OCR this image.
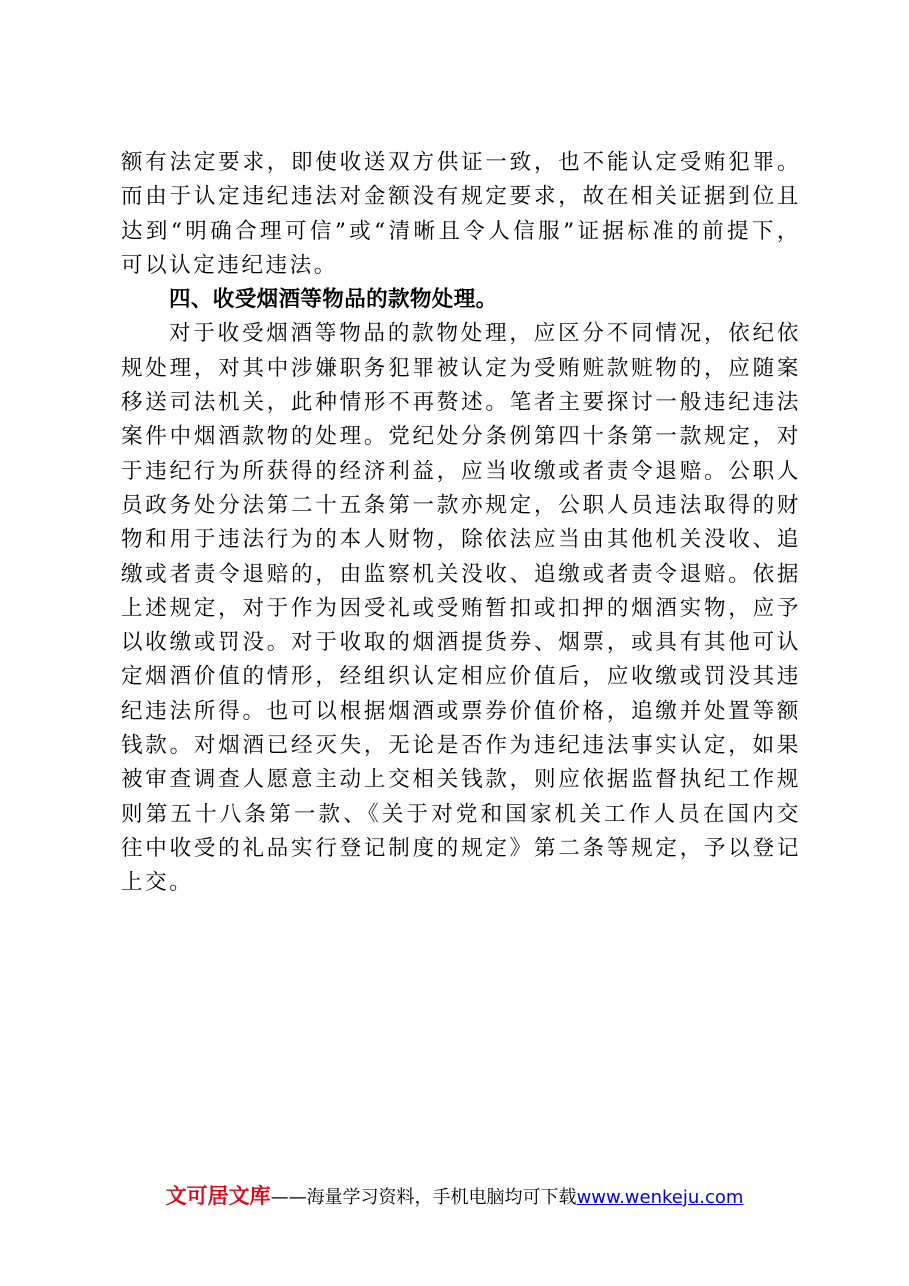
额有法定要求，即使收送双方供证一致，也不能认定受贿犯罪。而由于认定违纪违法对金额没有规定要求，故在相关证据到位且达到“明确合理可信”或“清晰且令人信服”证据标准的前提下，可以认定违纪违法。

四、收受烟酒等物品的款物处理。

对于收受烟酒等物品的款物处理，应区分不同情况，依纪依规处理，对其中涉嫌职务犯罪被认定为受贿赃款赃物的，应随案移送司法机关，此种情形不再赘述。笔者主要探讨一般违纪违法案件中烟酒款物的处理。党纪处分条例第四十条第一款规定，对于违纪行为所获得的经济利益，应当收缴或者责令退赔。公职人员政务处分法第二十五条第一款亦规定，公职人员违法取得的财物和用于违法行为的本人财物，除依法应当由其他机关没收、追缴或者责令退赔的，由监察机关没收、追缴或者责令退赔。依据上述规定，对于作为因受礼或受贿暂扣或扣押的烟酒实物，应予以收缴或罚没。对于收取的烟酒提货券、烟票，或具有其他可认定烟酒价值的情形，经组织认定相应价值后，应收缴或罚没其违纪违法所得。也可以根据烟酒或票券价值价格，追缴并处置等额钱款。对烟酒已经灭失，无论是否作为违纪违法事实认定，如果被审查调查人愿意主动上交相关钱款，则应依据监督执纪工作规则第五十八条第一款、《关于对党和国家机关工作人员在国内交往中收受的礼品实行登记制度的规定》第二条等规定，予以登记上交。

文可居文库——海量学习资料，手机电脑均可下载www.wenkeju.com
